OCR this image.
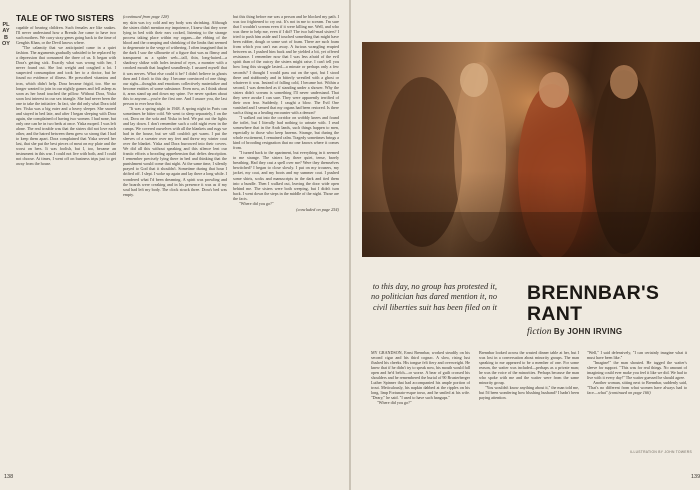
PLAYBOY
138
TALE OF TWO SISTERS

capable of bearing children. Such females are like snakes. I'll never understand how a Brenda Joe came to have two such mothers. We carry stray genes going back to the time of Genghis Khan, or the Devil knows where.

"The calamity that we anticipated came in a quiet fashion. The arguments gradually subsided to be replaced by a depression that consumed the three of us. It began with Dora's getting sick. Exactly what was wrong with her, I never found out. She lost weight and coughed a lot. I suspected consumption and took her to a doctor, but he found no evidence of illness. He prescribed vitamins and iron, which didn't help. Dora became frigid, too. She no longer wanted to join in our nightly games and fell asleep as soon as her head touched the pillow. Without Dora, Yiska soon lost interest in our sex triangle. She had never been the one to take the initiative. In fact, she did only what Dora told her. Yiska was a big eater and a heavy sleeper. She snored and stayed in bed late, and after I began sleeping with Dora again, she complained of having two women. I had none, but only one can be in two beds at once. Yiska moped. I was left alone. The real trouble was that the sisters did not love each other, and the hatred between them grew so strong that I had to keep them apart. Dora complained that Yiska served her last, that she put the best pieces of meat on my plate and the worst on hers. It was foolish, but I, too, became an instrument in this war. I could not live with both, and I could not choose. At times, I went off on business trips just to get away from the house.

(continued from page 128)

my skin was icy cold and my body was shrinking. Although the sisters didn't mention my impotence, I knew that they were lying in bed with their ears cocked, listening to the strange process taking place within my organs—the ebbing of the blood and the cramping and shrinking of the limbs that seemed to degenerate to the verge of withering. I often imagined that in the dark I saw the silhouette of a figure that was as flimsy and transparent as a spider web—tall, thin, long-haired—a shadowy shikse with holes instead of eyes, a monster with a crooked mouth that laughed soundlessly. I assured myself that it was nerves. What else could it be? I didn't believe in ghosts then and I don't to this day. I became convinced of one thing: our sighs—thoughts and emotions collectively materialize and become entities of some substance. Even now, as I think about it, arms stand up and down my spine. I've never spoken about this to anyone—you're the first one. And I assure you, the last person to ever hear this.

"It was a spring night in 1948. A spring night in Paris can sometimes be bitter cold. We went to sleep separately, I on the cot, Dora on the sofa and Yiska in bed. We put out the lights and lay down. I don't remember such a cold night even in the camps. We covered ourselves with all the blankets and rugs we had in the house, but we still couldn't get warm. I put the sleeves of a sweater over my feet and threw my winter coat over the blanket. Yiska and Dora burrowed into their covers. We did all this without speaking and this silence lent our frantic efforts a brooding apprehension that defies description. I remember precisely lying there in bed and thinking that the punishment would come that night. At the same time, I silently prayed to God that it shouldn't. Sometime during that hour I drifted off. I slept. I woke up again and lay there a long while. I wondered what I'd been dreaming. A spirit was prowling and the boards were creaking and in his presence it was as if my soul had left my body. The clock struck three. Dora's bed was empty.

but this thing before me was a person and he blocked my path. I was too frightened to cry out. It's not in me to scream. I'm sure that I wouldn't scream even if it were killing me. Well, and who was there to help me, even if I did? The two half-mad sisters? I tried to push him aside and I touched something that might have been rubber, dough or some sort of foam. There are such foam from which you can't run away. A furious wrangling erupted between us. I pushed him back and he yielded a bit, yet offered resistance. I remember now that I was less afraid of the evil spirit than of the outcry the sisters might raise. I can't tell you how long this struggle lasted—a minute or perhaps only a few seconds? I thought I would pass out on the spot, but I stood there and stubbornly and in bitterly wrestled with a ghost or whatever it was. Instead of falling cold, I became hot. Within a second, I was drenched as if standing under a shower. Why the sisters didn't scream is something I'll never understand. That they were awake I can sure. They were apparently terrified of their own fear. Suddenly, I caught a blow. The Evil One vanished and I sensed that my organs had been restored. Is there such a thing as a healing encounter with a demon?

"I walked out into the corridor on wobbly knees and found the toilet, but I literally had nothing to urinate with. I read somewhere that in the Arab lands, such things happen to men, especially to those who keep harems. Strange, but during the whole excitement, I remained calm. Tragedy sometimes brings a kind of brooding resignation that no one knows where it comes from.

"I turned back to the apartment, but everything in it seemed to me strange. The sisters lay there quiet, tense, barely breathing. Had they cast a spell over me? Were they themselves bewitched? I began to close slowly. I put on my trousers, my jacket, my coat, and my boots and my summer coat. I pushed some shirts, socks and manuscripts in the dark and tied them into a bundle. Then I walked out, leaving the door wide open behind me. The sisters were both weeping, but I didn't turn back. I went down the steps in the middle of the night. Those are the facts.

"Where did you go?"

(concluded on page 254)

to this day, no group has protested it, no politician has dared mention it, no civil liberties suit has been filed on it
BRENNBAR'S
RANT
fiction By JOHN IRVING

MY GRANDSON, Ernst Brennbar, worked steadily on his second cigar and his third cognac. A slow, rising lust flushed his cheeks. His tongue felt fiery and overweight. He knew that if he didn't try to speak now, his mouth would fall open and he'd belch—or worse. A bear of guilt crossed his shoulders and he remembered the burial of 90 Brusterberger Luther Spinner that had accompanied his ample portion of trout. Meticulously, his napkin dabbed at the ripples on his long, limp Fortunato-esque torso, and he smiled at his wife. "Deary," he said. "I used to have such hangups."

"Where did you go?"

Brennbar looked across the wasted dinner table at her, but I was lost in a conversation about minority groups. The man speaking to me appeared to be a member of one. For some reason, the waiter was included—perhaps as a private man; he was the voice of the minorities. Perhaps because the man who spoke with me and the waiter were from the same minority group.

"You wouldn't know anything about it," the man told me, but I'd been wondering how blushing husband? I hadn't been paying attention.

"Well," I said defensively, "I can certainly imagine what it must have been like."

"Imagine!" the man shouted. He tagged the waiter's sleeve for support. "This was for real things. No amount of imagining could ever make you feel it like we did. We had to live with it every day!" The waiter guessed he should agree.

Another woman, sitting next to Brennbar, suddenly said, "That's no different from what women have always had to face—what" (continued on page 166)

ILLUSTRATION BY JOHN TOWERS
139
